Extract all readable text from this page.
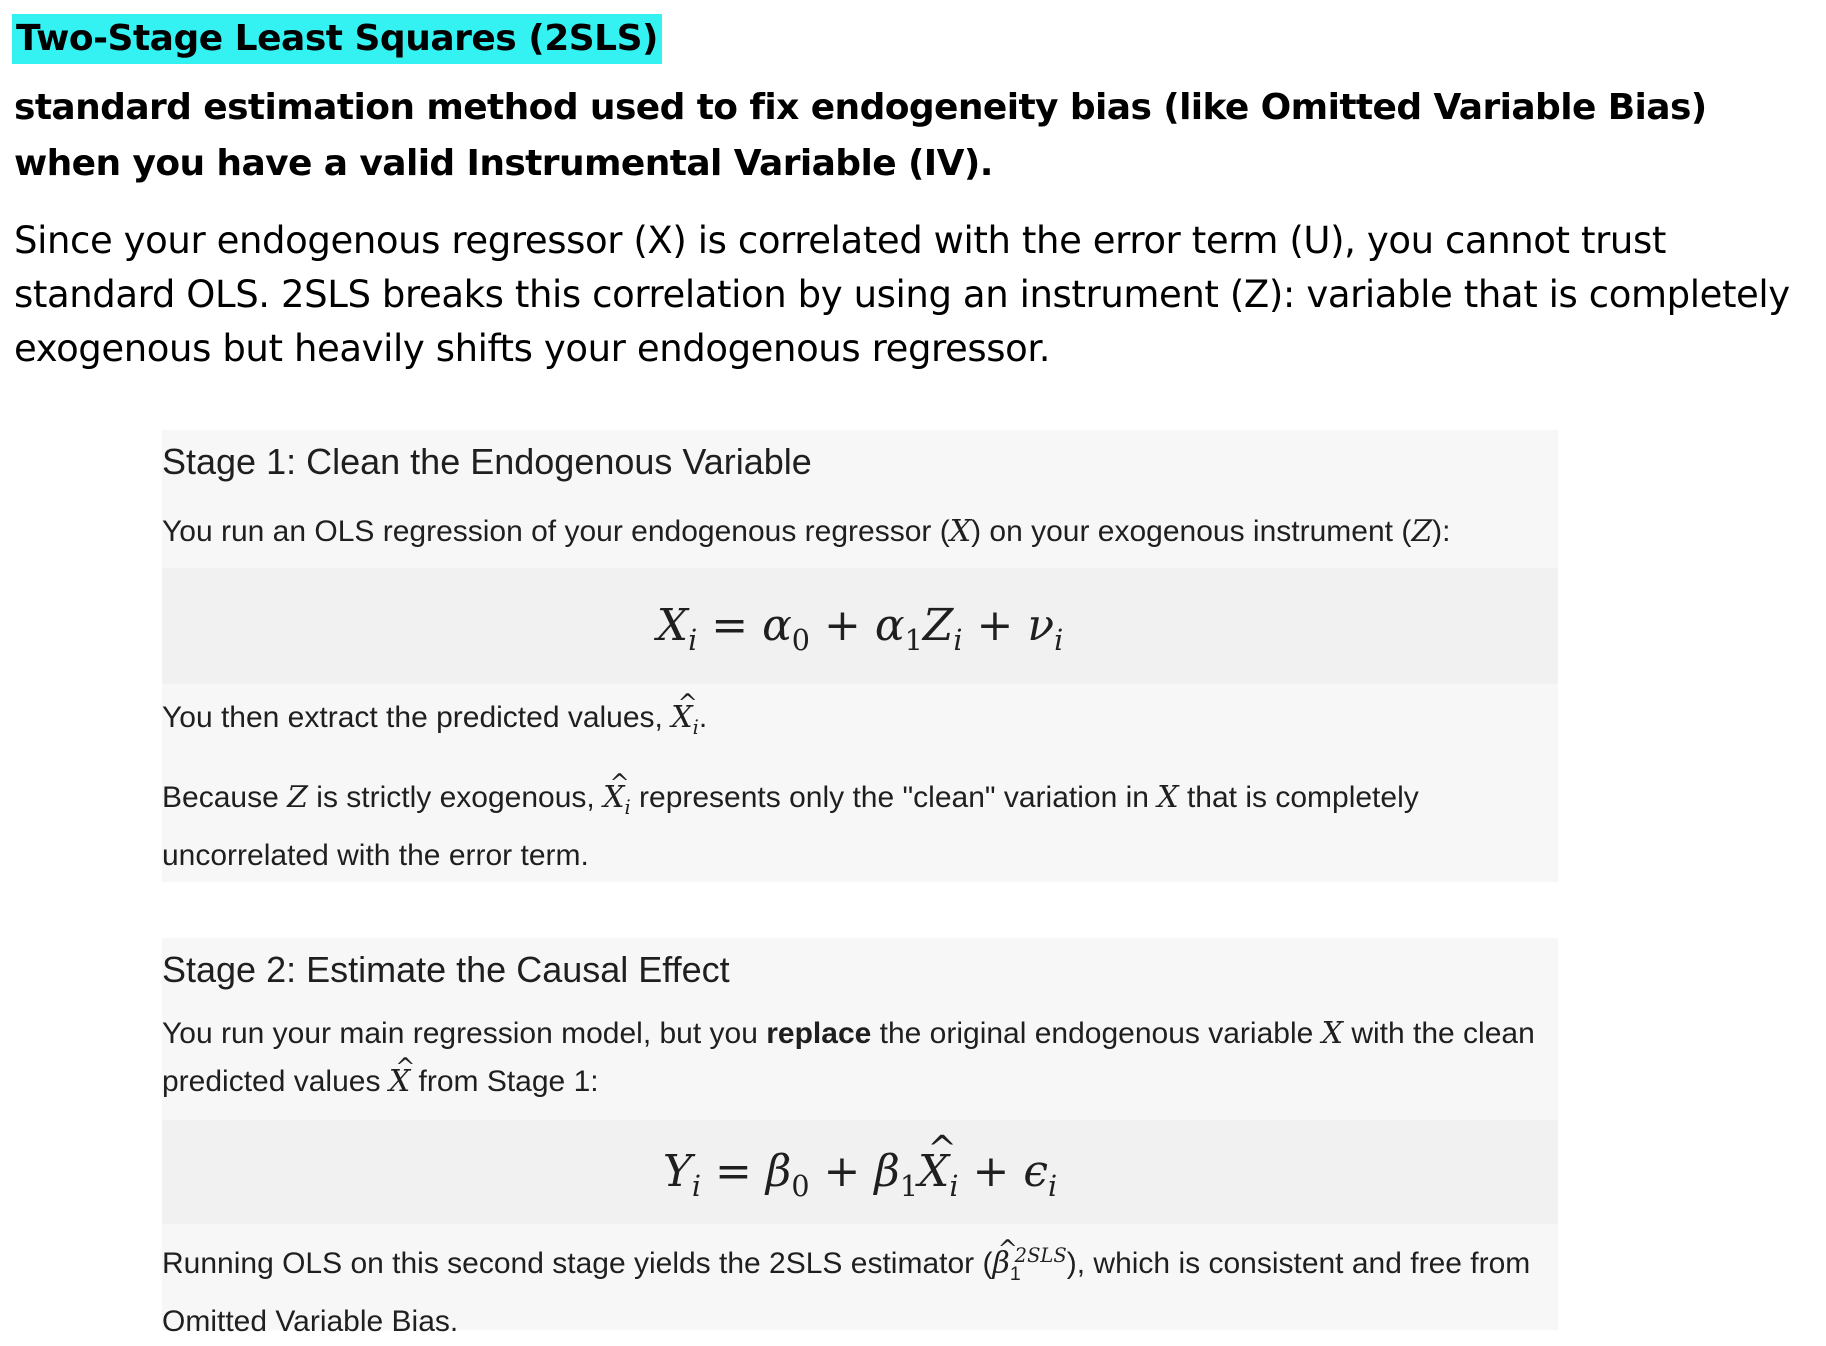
Two-Stage Least Squares (2SLS)
standard estimation method used to fix endogeneity bias (like Omitted Variable Bias) when you have a valid Instrumental Variable (IV).
Since your endogenous regressor (X) is correlated with the error term (U), you cannot trust standard OLS. 2SLS breaks this correlation by using an instrument (Z): variable that is completely exogenous but heavily shifts your endogenous regressor.
Stage 1: Clean the Endogenous Variable
You run an OLS regression of your endogenous regressor (X) on your exogenous instrument (Z):
$X_i = \alpha_0 + \alpha_1Z_i + \nu_i$
You then extract the predicted values, ^ $X_i$.
Because Z is strictly exogenous, ^ $X_i$ represents only the "clean" variation in X that is completely uncorrelated with the error term.
Stage 2: Estimate the Causal Effect
You run your main regression model, but you replace the original endogenous variable X with the clean predicted values ^ X from Stage 1:
$Y_i = \beta_0$ + $\beta_1\^{}$ $X_i + \epsilon_i$
Running OLS on this second stage yields the 2SLS estimator (^ $\beta_1^{2SLS}$), which is consistent and free from Omitted Variable Bias.
